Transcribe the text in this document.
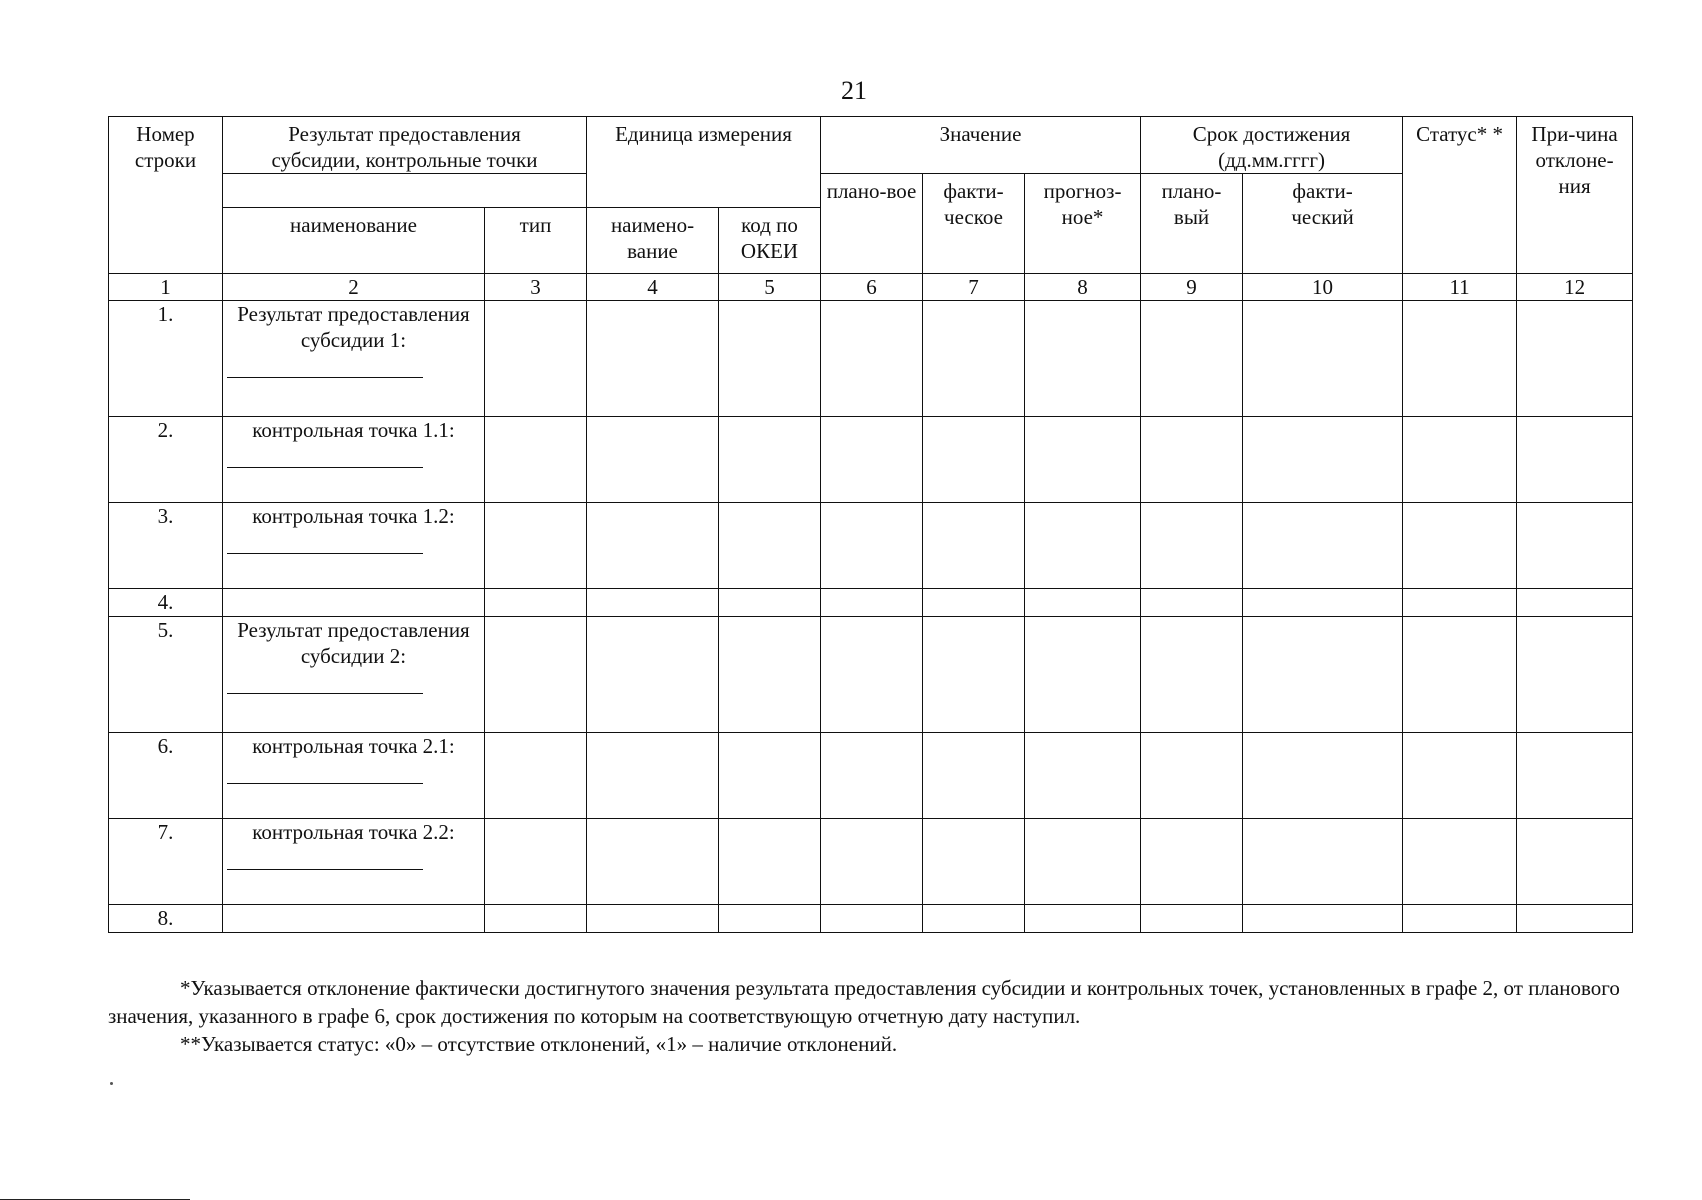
21
Номер строки	Результат предоставления субсидии, контрольные точки		Единица измерения		Значение			Срок достижения (дд.мм.гггг)		Статус* *	При-чина отклоне-ния
					плано-вое	факти-ческое	прогноз-ное*	плано-вый	факти-ческий		
	наименование	тип	наимено-вание	код по ОКЕИ							
1	2	3	4	5	6	7	8	9	10	11	12
1.	Результат предоставления субсидии 1:

2.	контрольная точка 1.1:

3.	контрольная точка 1.2:

4.											
5.	Результат предоставления субсидии 2:

6.	контрольная точка 2.1:

7.	контрольная точка 2.2:

8.											

*Указывается отклонение фактически достигнутого значения результата предоставления субсидии и контрольных точек, установленных в графе 2, от планового значения, указанного в графе 6, срок достижения по которым на соответствующую отчетную дату наступил.

**Указывается статус: «0» – отсутствие отклонений, «1» – наличие отклонений.
